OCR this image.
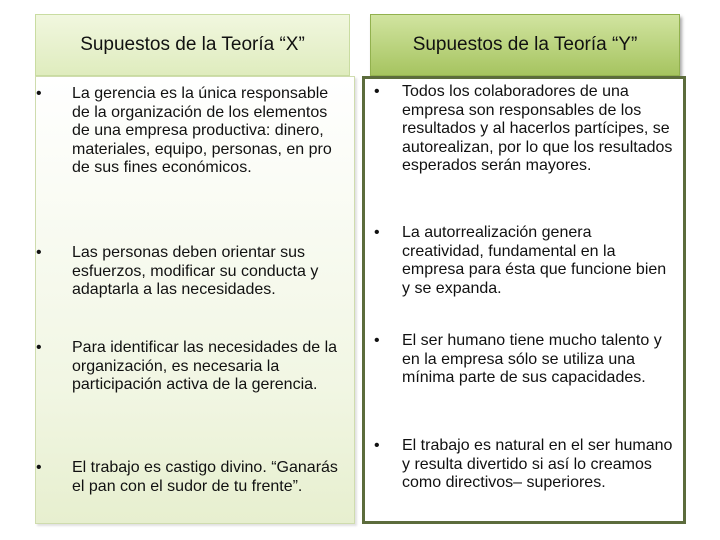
Supuestos de la Teoría “X”	Supuestos de la Teoría “Y”
• La gerencia es la única responsable de la organización de los elementos de una empresa productiva: dinero, materiales, equipo, personas, en pro de sus fines económicos.
• Las personas deben orientar sus esfuerzos, modificar su conducta y adaptarla a las necesidades.
• Para identificar las necesidades de la organización, es necesaria la participación activa de la gerencia.
• El trabajo es castigo divino. “Ganarás el pan con el sudor de tu frente”.
• Todos los colaboradores de una empresa son responsables de los resultados y al hacerlos partícipes, se autorealizan, por lo que los resultados esperados serán mayores.
• La autorrealización genera creatividad, fundamental en la empresa para ésta que funcione bien y se expanda.
• El ser humano tiene mucho talento y en la empresa sólo se utiliza una mínima parte de sus capacidades.
• El trabajo es natural en el ser humano y resulta divertido si así lo creamos como directivos– superiores.
